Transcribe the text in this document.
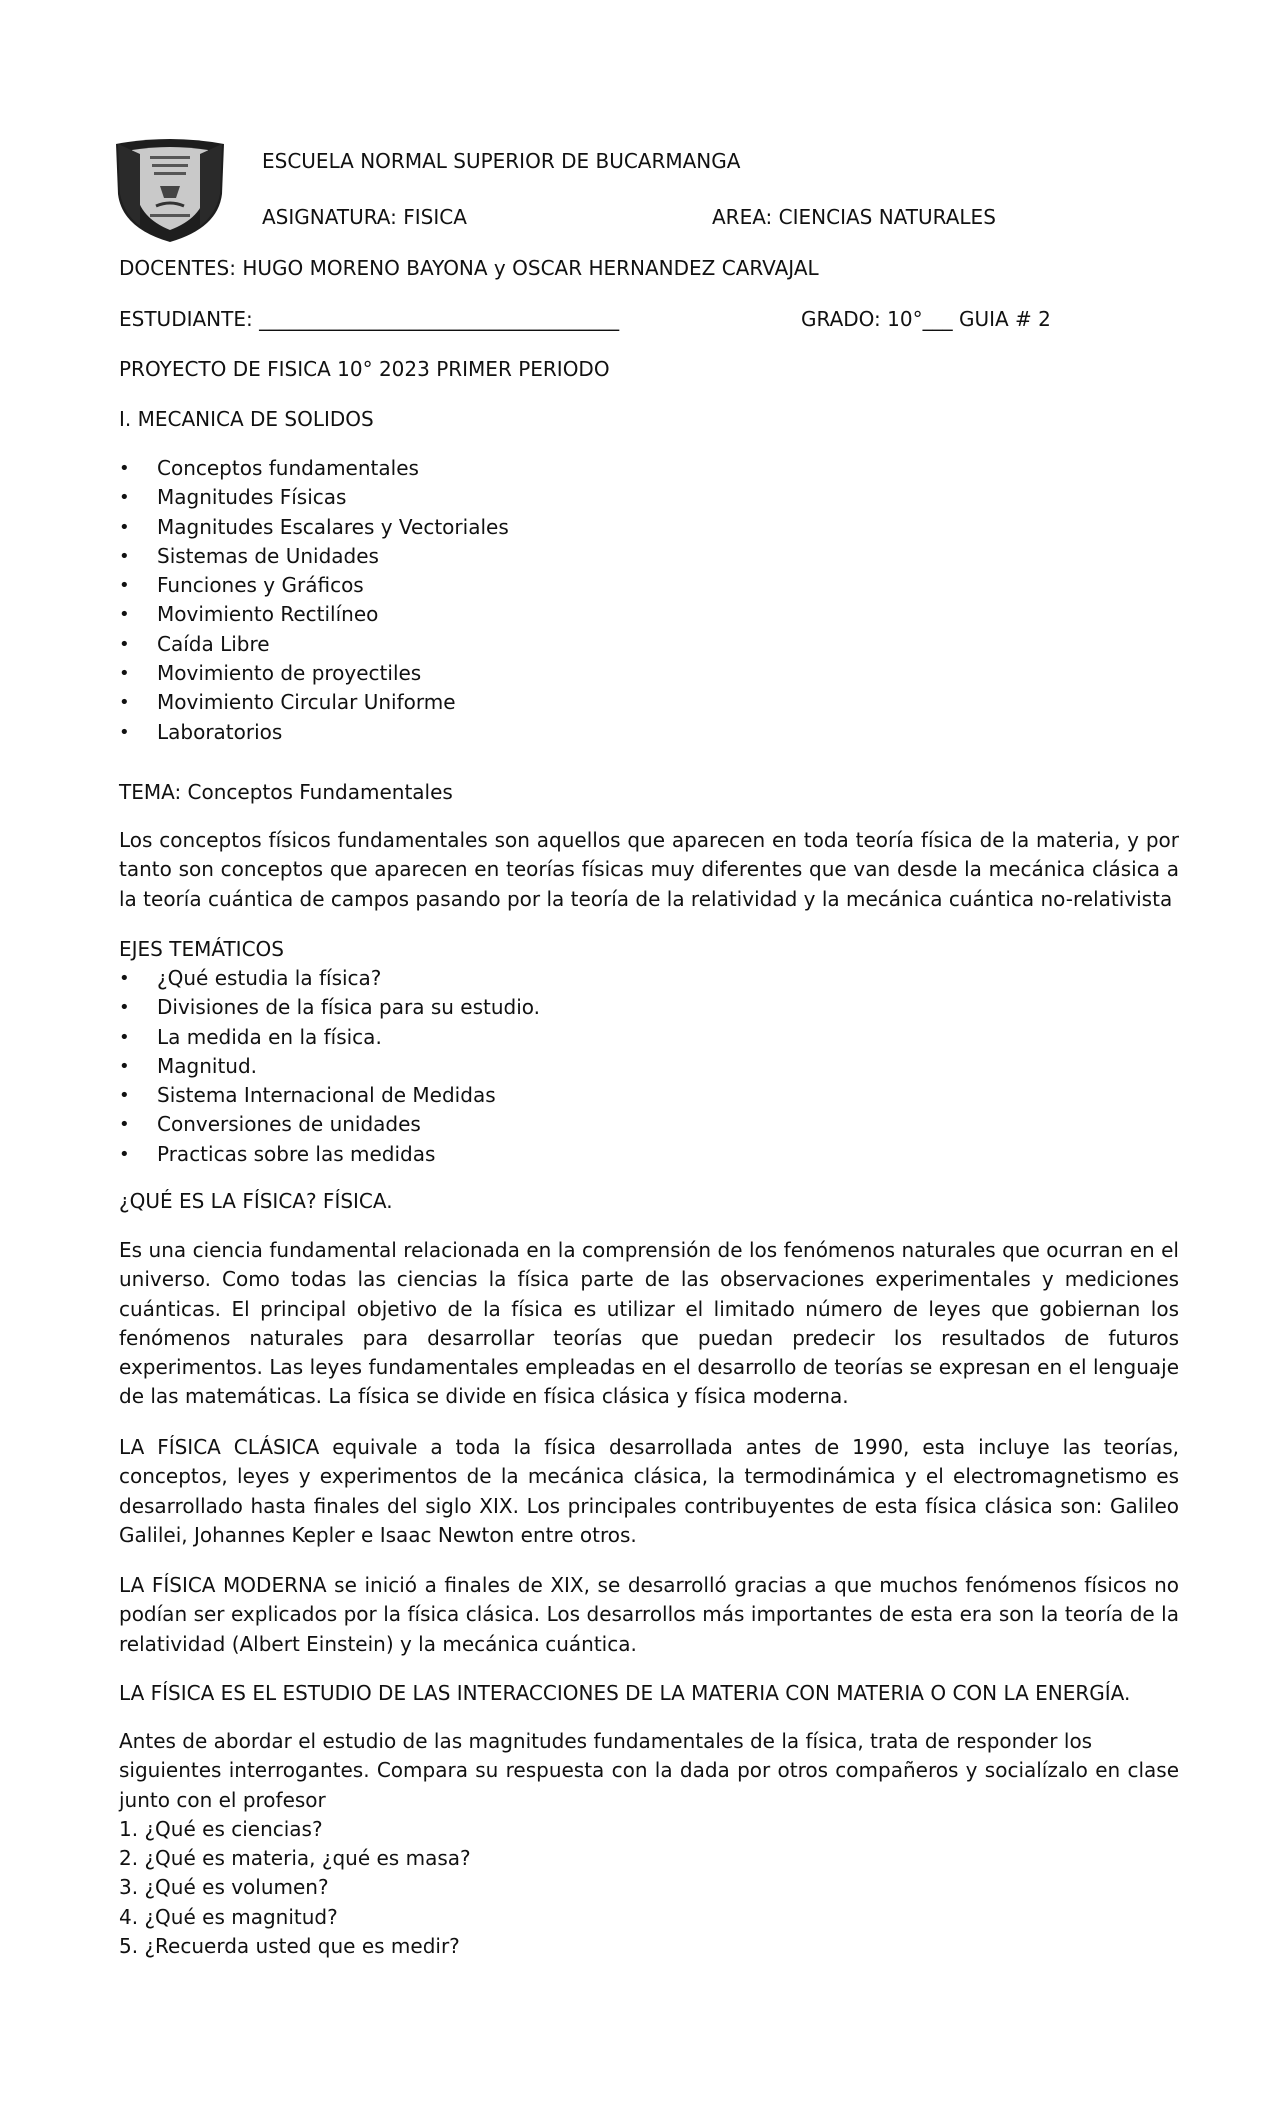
ESCUELA NORMAL SUPERIOR DE BUCARMANGA
ASIGNATURA: FISICA	AREA: CIENCIAS NATURALES
DOCENTES: HUGO MORENO BAYONA y OSCAR HERNANDEZ CARVAJAL
ESTUDIANTE: ____________________________________	GRADO: 10°___ GUIA # 2
PROYECTO DE FISICA 10° 2023 PRIMER PERIODO
I. MECANICA DE SOLIDOS
• Conceptos fundamentales
• Magnitudes Físicas
• Magnitudes Escalares y Vectoriales
• Sistemas de Unidades
• Funciones y Gráficos
• Movimiento Rectilíneo
• Caída Libre
• Movimiento de proyectiles
• Movimiento Circular Uniforme
• Laboratorios
TEMA: Conceptos Fundamentales

Los conceptos físicos fundamentales son aquellos que aparecen en toda teoría física de la materia, y por tanto son conceptos que aparecen en teorías físicas muy diferentes que van desde la mecánica clásica a la teoría cuántica de campos pasando por la teoría de la relatividad y la mecánica cuántica no-relativista

EJES TEMÁTICOS
• ¿Qué estudia la física?
• Divisiones de la física para su estudio.
• La medida en la física.
• Magnitud.
• Sistema Internacional de Medidas
• Conversiones de unidades
• Practicas sobre las medidas
¿QUÉ ES LA FÍSICA? FÍSICA.

Es una ciencia fundamental relacionada en la comprensión de los fenómenos naturales que ocurran en el universo. Como todas las ciencias la física parte de las observaciones experimentales y mediciones cuánticas. El principal objetivo de la física es utilizar el limitado número de leyes que gobiernan los fenómenos naturales para desarrollar teorías que puedan predecir los resultados de futuros experimentos. Las leyes fundamentales empleadas en el desarrollo de teorías se expresan en el lenguaje de las matemáticas. La física se divide en física clásica y física moderna.

LA FÍSICA CLÁSICA equivale a toda la física desarrollada antes de 1990, esta incluye las teorías, conceptos, leyes y experimentos de la mecánica clásica, la termodinámica y el electromagnetismo es desarrollado hasta finales del siglo XIX. Los principales contribuyentes de esta física clásica son: Galileo Galilei, Johannes Kepler e Isaac Newton entre otros.

LA FÍSICA MODERNA se inició a finales de XIX, se desarrolló gracias a que muchos fenómenos físicos no podían ser explicados por la física clásica. Los desarrollos más importantes de esta era son la teoría de la relatividad (Albert Einstein) y la mecánica cuántica.

LA FÍSICA ES EL ESTUDIO DE LAS INTERACCIONES DE LA MATERIA CON MATERIA O CON LA ENERGÍA.

Antes de abordar el estudio de las magnitudes fundamentales de la física, trata de responder los

siguientes interrogantes. Compara su respuesta con la dada por otros compañeros y socialízalo en clase junto con el profesor

1. ¿Qué es ciencias?
2. ¿Qué es materia, ¿qué es masa?
3. ¿Qué es volumen?
4. ¿Qué es magnitud?
5. ¿Recuerda usted que es medir?
